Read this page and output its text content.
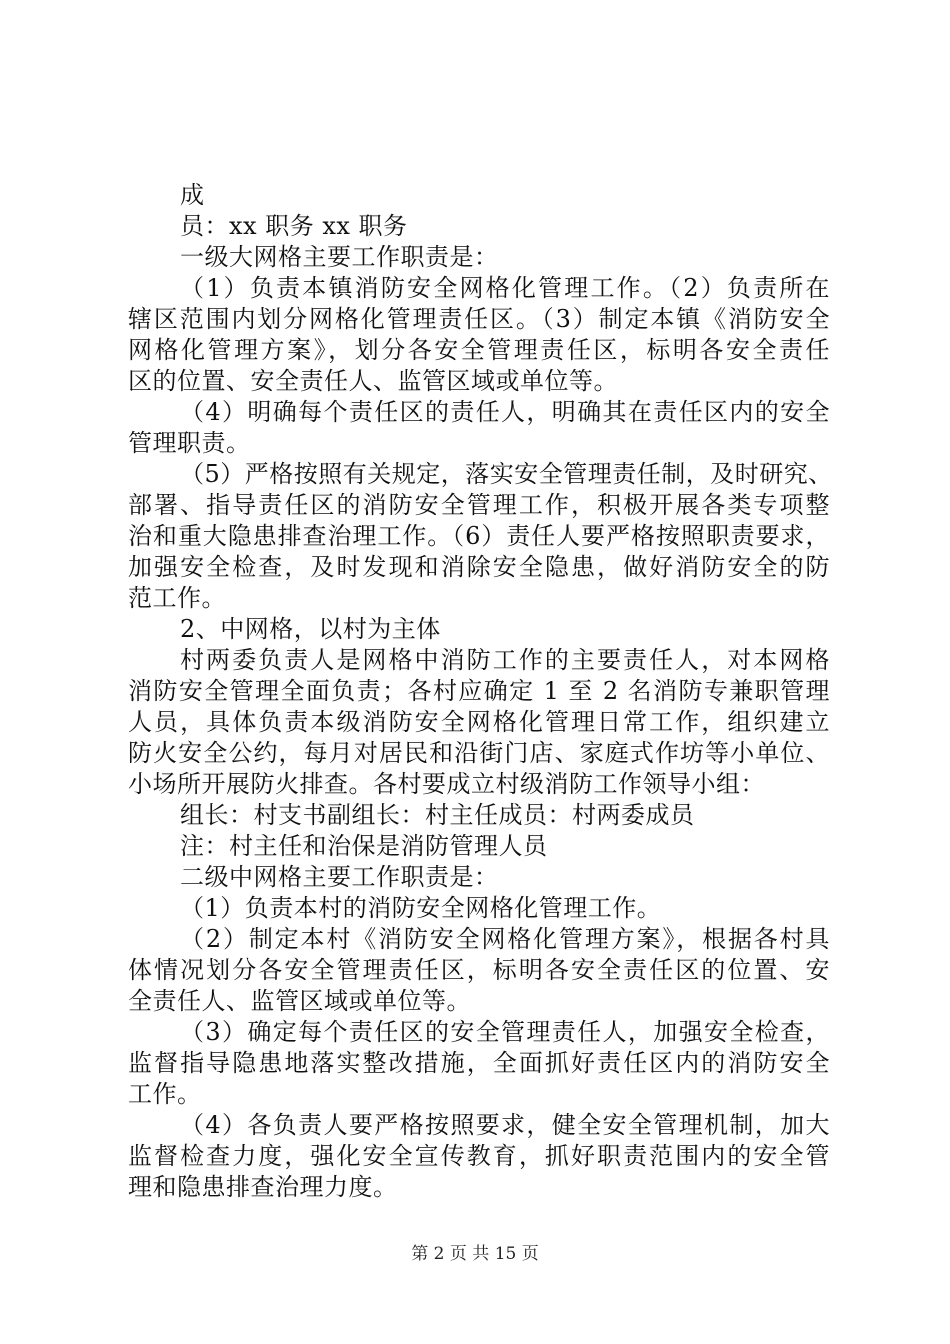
成
员：xx 职务 xx 职务
一级大网格主要工作职责是：
（1）负责本镇消防安全网格化管理工作。（2）负责所在
辖区范围内划分网格化管理责任区。（3）制定本镇《消防安全
网格化管理方案》，划分各安全管理责任区，标明各安全责任
区的位置、安全责任人、监管区域或单位等。
（4）明确每个责任区的责任人，明确其在责任区内的安全
管理职责。
（5）严格按照有关规定，落实安全管理责任制，及时研究、
部署、指导责任区的消防安全管理工作，积极开展各类专项整
治和重大隐患排查治理工作。（6）责任人要严格按照职责要求，
加强安全检查，及时发现和消除安全隐患，做好消防安全的防
范工作。
2、中网格，以村为主体
村两委负责人是网格中消防工作的主要责任人，对本网格
消防安全管理全面负责；各村应确定 1 至 2 名消防专兼职管理
人员，具体负责本级消防安全网格化管理日常工作，组织建立
防火安全公约，每月对居民和沿街门店、家庭式作坊等小单位、
小场所开展防火排查。各村要成立村级消防工作领导小组：
组长：村支书副组长：村主任成员：村两委成员
注：村主任和治保是消防管理人员
二级中网格主要工作职责是：
（1）负责本村的消防安全网格化管理工作。
（2）制定本村《消防安全网格化管理方案》，根据各村具
体情况划分各安全管理责任区，标明各安全责任区的位置、安
全责任人、监管区域或单位等。
（3）确定每个责任区的安全管理责任人，加强安全检查，
监督指导隐患地落实整改措施，全面抓好责任区内的消防安全
工作。
（4）各负责人要严格按照要求，健全安全管理机制，加大
监督检查力度，强化安全宣传教育，抓好职责范围内的安全管
理和隐患排查治理力度。
第 2 页 共 15 页
